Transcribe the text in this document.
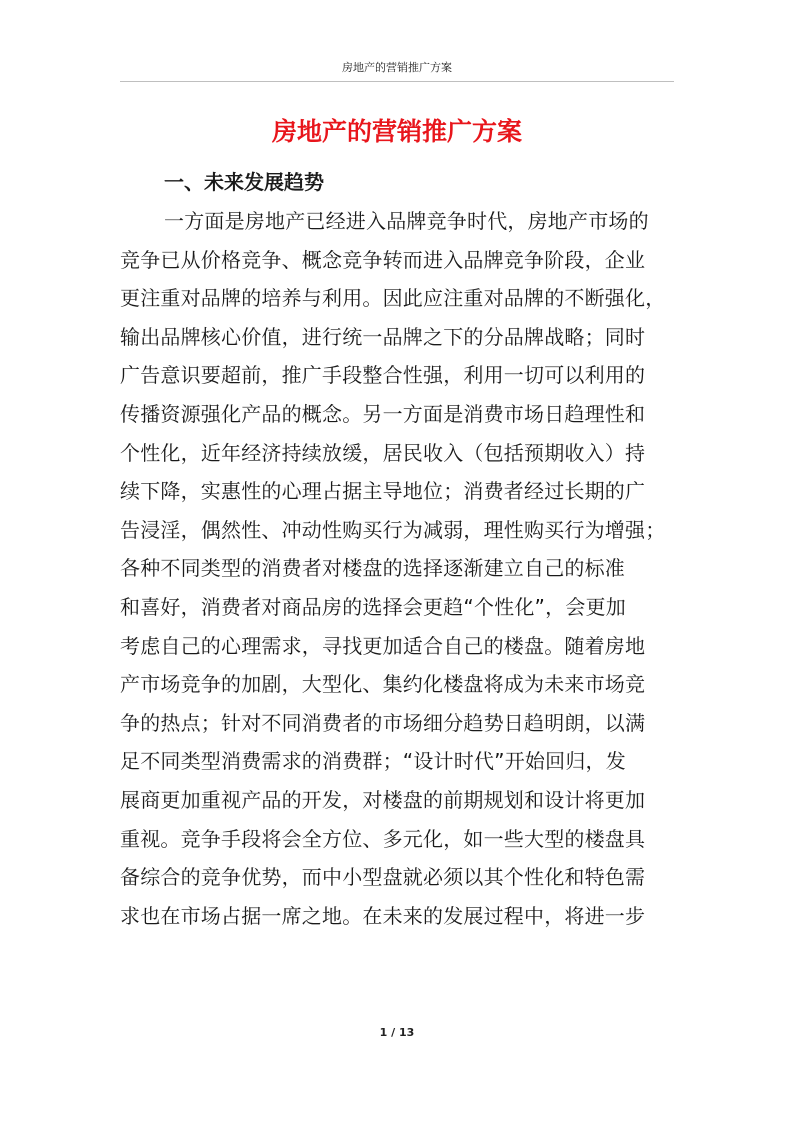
房地产的营销推广方案
房地产的营销推广方案
一、未来发展趋势
一方面是房地产已经进入品牌竞争时代，房地产市场的
竞争已从价格竞争、概念竞争转而进入品牌竞争阶段，企业
更注重对品牌的培养与利用。因此应注重对品牌的不断强化，
输出品牌核心价值，进行统一品牌之下的分品牌战略；同时
广告意识要超前，推广手段整合性强，利用一切可以利用的
传播资源强化产品的概念。另一方面是消费市场日趋理性和
个性化，近年经济持续放缓，居民收入（包括预期收入）持
续下降，实惠性的心理占据主导地位；消费者经过长期的广
告浸淫，偶然性、冲动性购买行为减弱，理性购买行为增强；
各种不同类型的消费者对楼盘的选择逐渐建立自己的标准
和喜好，消费者对商品房的选择会更趋“个性化”，会更加
考虑自己的心理需求，寻找更加适合自己的楼盘。随着房地
产市场竞争的加剧，大型化、集约化楼盘将成为未来市场竞
争的热点；针对不同消费者的市场细分趋势日趋明朗，以满
足不同类型消费需求的消费群；“设计时代”开始回归，发
展商更加重视产品的开发，对楼盘的前期规划和设计将更加
重视。竞争手段将会全方位、多元化，如一些大型的楼盘具
备综合的竞争优势，而中小型盘就必须以其个性化和特色需
求也在市场占据一席之地。在未来的发展过程中，将进一步
1 / 13
